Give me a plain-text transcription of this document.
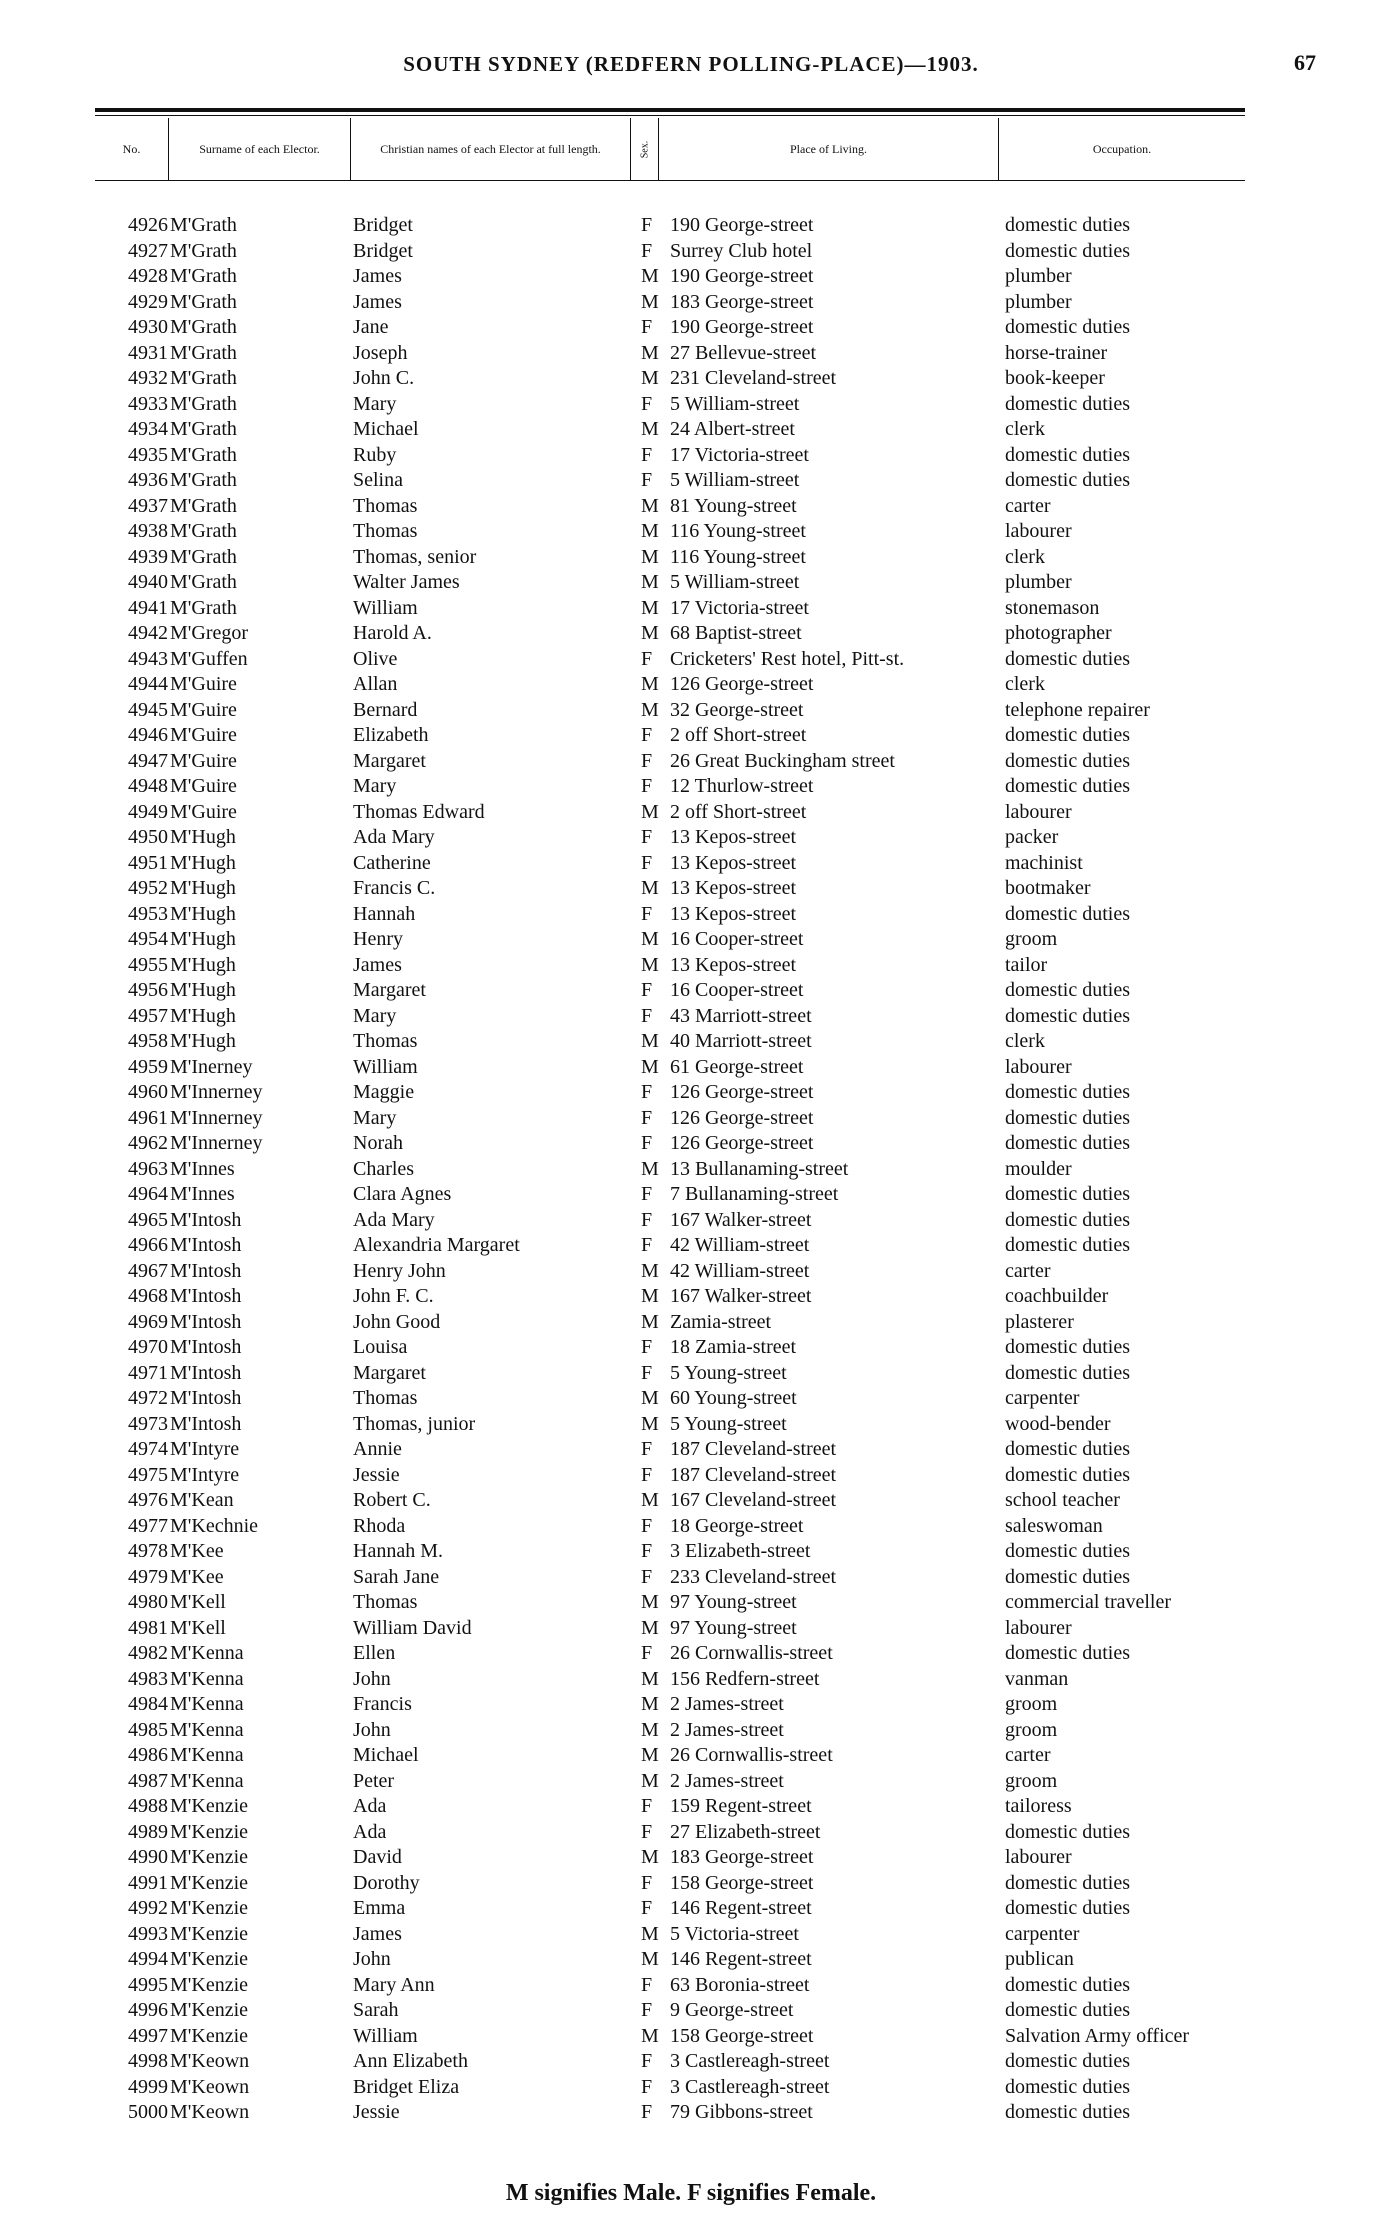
SOUTH SYDNEY (REDFERN POLLING-PLACE)—1903.	67
No.	Surname of each Elector.	Christian names of each Elector at full length.	Sex.	Place of Living.	Occupation.
4926 M'Grath	Bridget	F 190 George-street	domestic duties
4927 M'Grath	Bridget	F Surrey Club hotel	domestic duties
4928 M'Grath	James	M 190 George-street	plumber
4929 M'Grath	James	M 183 George-street	plumber
4930 M'Grath	Jane	F 190 George-street	domestic duties
4931 M'Grath	Joseph	M 27 Bellevue-street	horse-trainer
4932 M'Grath	John C.	M 231 Cleveland-street	book-keeper
4933 M'Grath	Mary	F 5 William-street	domestic duties
4934 M'Grath	Michael	M 24 Albert-street	clerk
4935 M'Grath	Ruby	F 17 Victoria-street	domestic duties
4936 M'Grath	Selina	F 5 William-street	domestic duties
4937 M'Grath	Thomas	M 81 Young-street	carter
4938 M'Grath	Thomas	M 116 Young-street	labourer
4939 M'Grath	Thomas, senior	M 116 Young-street	clerk
4940 M'Grath	Walter James	M 5 William-street	plumber
4941 M'Grath	William	M 17 Victoria-street	stonemason
4942 M'Gregor	Harold A.	M 68 Baptist-street	photographer
4943 M'Guffen	Olive	F Cricketers' Rest hotel, Pitt-st.	domestic duties
4944 M'Guire	Allan	M 126 George-street	clerk
4945 M'Guire	Bernard	M 32 George-street	telephone repairer
4946 M'Guire	Elizabeth	F 2 off Short-street	domestic duties
4947 M'Guire	Margaret	F 26 Great Buckingham street	domestic duties
4948 M'Guire	Mary	F 12 Thurlow-street	domestic duties
4949 M'Guire	Thomas Edward	M 2 off Short-street	labourer
4950 M'Hugh	Ada Mary	F 13 Kepos-street	packer
4951 M'Hugh	Catherine	F 13 Kepos-street	machinist
4952 M'Hugh	Francis C.	M 13 Kepos-street	bootmaker
4953 M'Hugh	Hannah	F 13 Kepos-street	domestic duties
4954 M'Hugh	Henry	M 16 Cooper-street	groom
4955 M'Hugh	James	M 13 Kepos-street	tailor
4956 M'Hugh	Margaret	F 16 Cooper-street	domestic duties
4957 M'Hugh	Mary	F 43 Marriott-street	domestic duties
4958 M'Hugh	Thomas	M 40 Marriott-street	clerk
4959 M'Inerney	William	M 61 George-street	labourer
4960 M'Innerney	Maggie	F 126 George-street	domestic duties
4961 M'Innerney	Mary	F 126 George-street	domestic duties
4962 M'Innerney	Norah	F 126 George-street	domestic duties
4963 M'Innes	Charles	M 13 Bullanaming-street	moulder
4964 M'Innes	Clara Agnes	F 7 Bullanaming-street	domestic duties
4965 M'Intosh	Ada Mary	F 167 Walker-street	domestic duties
4966 M'Intosh	Alexandria Margaret	F 42 William-street	domestic duties
4967 M'Intosh	Henry John	M 42 William-street	carter
4968 M'Intosh	John F. C.	M 167 Walker-street	coachbuilder
4969 M'Intosh	John Good	M Zamia-street	plasterer
4970 M'Intosh	Louisa	F 18 Zamia-street	domestic duties
4971 M'Intosh	Margaret	F 5 Young-street	domestic duties
4972 M'Intosh	Thomas	M 60 Young-street	carpenter
4973 M'Intosh	Thomas, junior	M 5 Young-street	wood-bender
4974 M'Intyre	Annie	F 187 Cleveland-street	domestic duties
4975 M'Intyre	Jessie	F 187 Cleveland-street	domestic duties
4976 M'Kean	Robert C.	M 167 Cleveland-street	school teacher
4977 M'Kechnie	Rhoda	F 18 George-street	saleswoman
4978 M'Kee	Hannah M.	F 3 Elizabeth-street	domestic duties
4979 M'Kee	Sarah Jane	F 233 Cleveland-street	domestic duties
4980 M'Kell	Thomas	M 97 Young-street	commercial traveller
4981 M'Kell	William David	M 97 Young-street	labourer
4982 M'Kenna	Ellen	F 26 Cornwallis-street	domestic duties
4983 M'Kenna	John	M 156 Redfern-street	vanman
4984 M'Kenna	Francis	M 2 James-street	groom
4985 M'Kenna	John	M 2 James-street	groom
4986 M'Kenna	Michael	M 26 Cornwallis-street	carter
4987 M'Kenna	Peter	M 2 James-street	groom
4988 M'Kenzie	Ada	F 159 Regent-street	tailoress
4989 M'Kenzie	Ada	F 27 Elizabeth-street	domestic duties
4990 M'Kenzie	David	M 183 George-street	labourer
4991 M'Kenzie	Dorothy	F 158 George-street	domestic duties
4992 M'Kenzie	Emma	F 146 Regent-street	domestic duties
4993 M'Kenzie	James	M 5 Victoria-street	carpenter
4994 M'Kenzie	John	M 146 Regent-street	publican
4995 M'Kenzie	Mary Ann	F 63 Boronia-street	domestic duties
4996 M'Kenzie	Sarah	F 9 George-street	domestic duties
4997 M'Kenzie	William	M 158 George-street	Salvation Army officer
4998 M'Keown	Ann Elizabeth	F 3 Castlereagh-street	domestic duties
4999 M'Keown	Bridget Eliza	F 3 Castlereagh-street	domestic duties
5000 M'Keown	Jessie	F 79 Gibbons-street	domestic duties
M signifies Male. F signifies Female.
